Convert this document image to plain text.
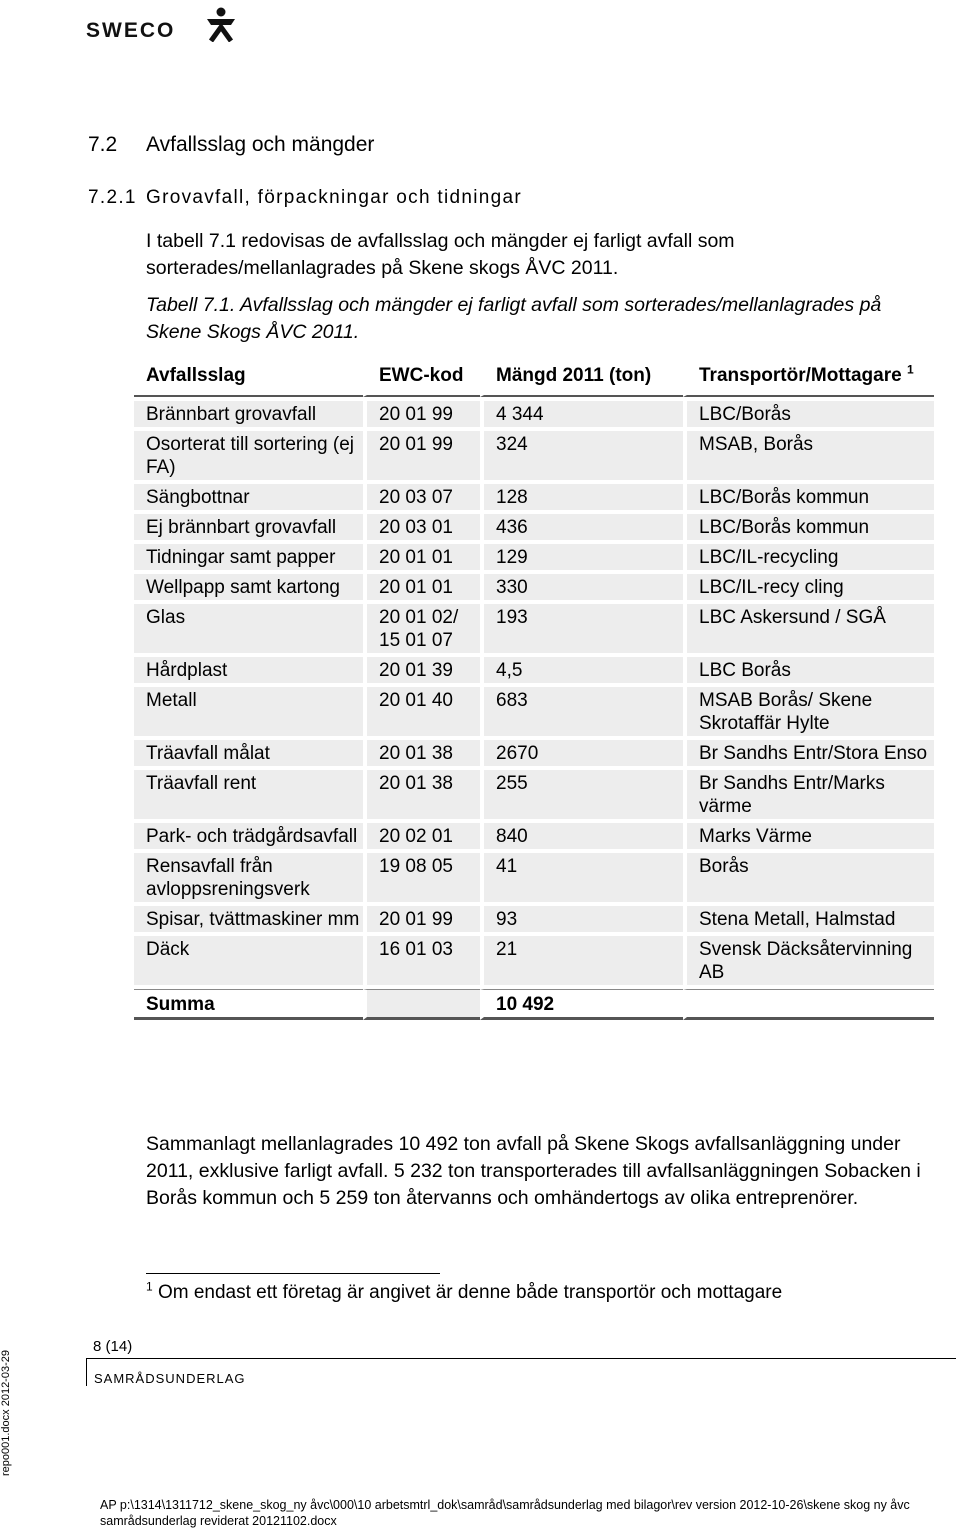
SWECO
7.2 Avfallsslag och mängder
7.2.1 Grovavfall, förpackningar och tidningar
I tabell 7.1 redovisas de avfallsslag och mängder ej farligt avfall som sorterades/mellanlagrades på Skene skogs ÅVC 2011.
Tabell 7.1. Avfallsslag och mängder ej farligt avfall som sorterades/mellanlagrades på Skene Skogs ÅVC 2011.
Avfallsslag	EWC-kod	Mängd 2011 (ton)	Transportör/Mottagare $^1$
Brännbart grovavfall	20 01 99	4 344	LBC/Borås
Osorterat till sortering (ej FA)	20 01 99	324	MSAB, Borås
Sängbottnar	20 03 07	128	LBC/Borås kommun
Ej brännbart grovavfall	20 03 01	436	LBC/Borås kommun
Tidningar samt papper	20 01 01	129	LBC/IL-recycling
Wellpapp samt kartong	20 01 01	330	LBC/IL-recy cling
Glas	20 01 02/ 15 01 07	193	LBC Askersund / SGÅ
Hårdplast	20 01 39	4,5	LBC Borås
Metall	20 01 40	683	MSAB Borås/ Skene Skrotaffär Hylte
Träavfall målat	20 01 38	2670	Br Sandhs Entr/Stora Enso
Träavfall rent	20 01 38	255	Br Sandhs Entr/Marks värme
Park- och trädgårdsavfall	20 02 01	840	Marks Värme
Rensavfall från avloppsreningsverk	19 08 05	41	Borås
Spisar, tvättmaskiner mm	20 01 99	93	Stena Metall, Halmstad
Däck	16 01 03	21	Svensk Däcksåtervinning AB
Summa		10 492	
Sammanlagt mellanlagrades 10 492 ton avfall på Skene Skogs avfallsanläggning under 2011, exklusive farligt avfall. 5 232 ton transporterades till avfallsanläggningen Sobacken i Borås kommun och 5 259 ton återvanns och omhändertogs av olika entreprenörer.
$^1$ Om endast ett företag är angivet är denne både transportör och mottagare
8 (14)
SAMRÅDSUNDERLAG
repo001.docx 2012-03-29
AP p:\1314\1311712_skene_skog_ny åvc\000\10 arbetsmtrl_dok\samråd\samrådsunderlag med bilagor\rev version 2012-10-26\skene skog ny åvc samrådsunderlag reviderat 20121102.docx
